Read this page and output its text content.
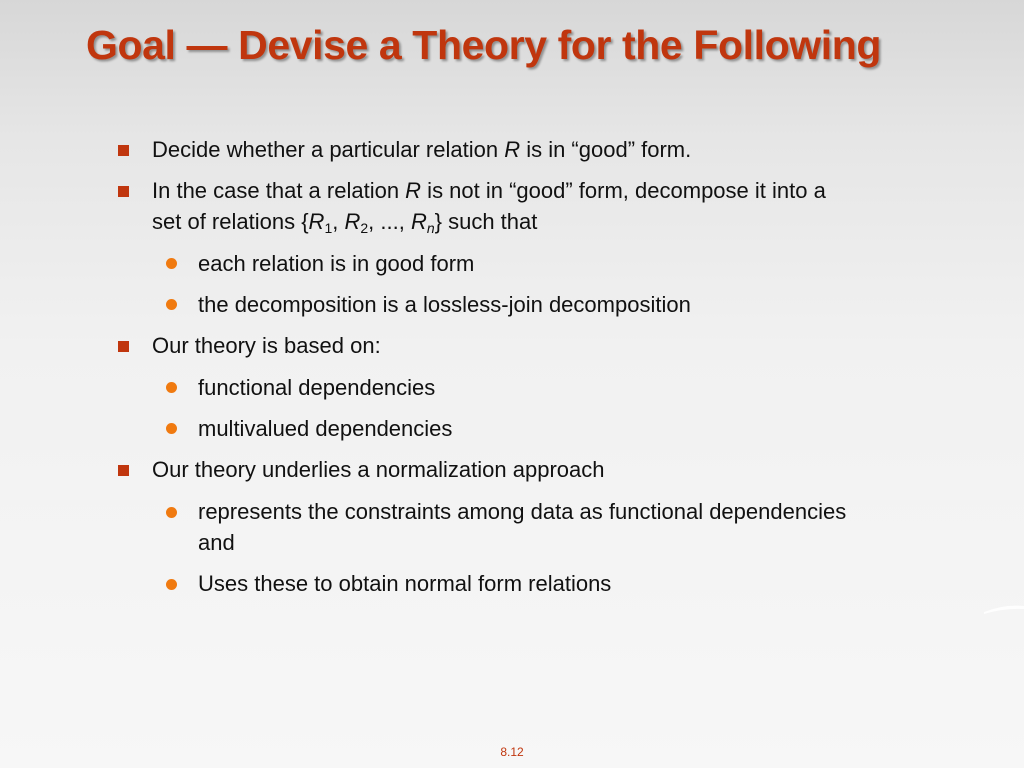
Goal — Devise a Theory for the Following
Decide whether a particular relation R is in “good” form.
In the case that a relation R is not in “good” form, decompose it into a
set of relations {$R_1$, $R_2$, ..., $R_n$} such that
each relation is in good form
the decomposition is a lossless-join decomposition
Our theory is based on:
functional dependencies
multivalued dependencies
Our theory underlies a normalization approach
represents the constraints among data as functional dependencies
and
Uses these to obtain normal form relations
8.12
